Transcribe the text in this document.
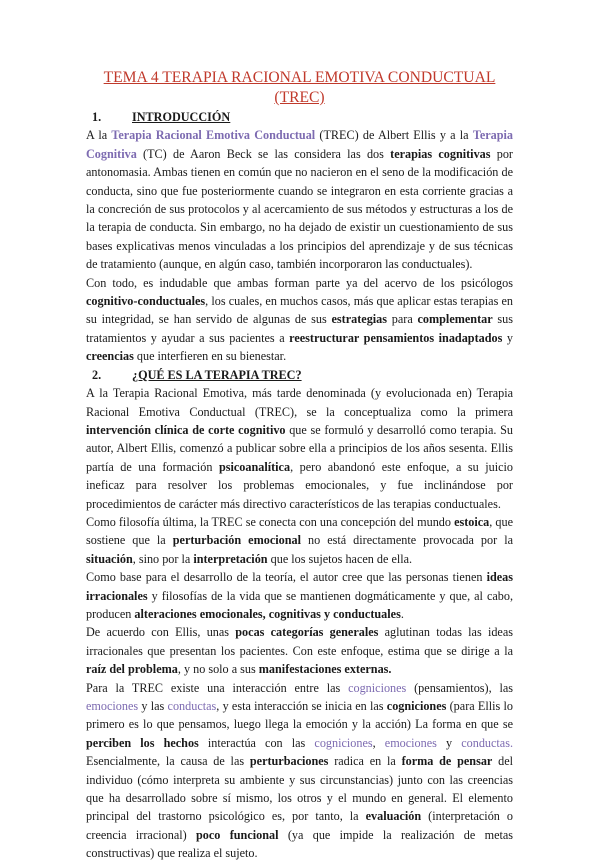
TEMA 4 TERAPIA RACIONAL EMOTIVA CONDUCTUAL (TREC)
1.	INTRODUCCIÓN

A la Terapia Racional Emotiva Conductual (TREC) de Albert Ellis y a la Terapia Cognitiva (TC) de Aaron Beck se las considera las dos terapias cognitivas por antonomasia. Ambas tienen en común que no nacieron en el seno de la modificación de conducta, sino que fue posteriormente cuando se integraron en esta corriente gracias a la concreción de sus protocolos y al acercamiento de sus métodos y estructuras a los de la terapia de conducta. Sin embargo, no ha dejado de existir un cuestionamiento de sus bases explicativas menos vinculadas a los principios del aprendizaje y de sus técnicas de tratamiento (aunque, en algún caso, también incorporaron las conductuales).

Con todo, es indudable que ambas forman parte ya del acervo de los psicólogos cognitivo-conductuales, los cuales, en muchos casos, más que aplicar estas terapias en su integridad, se han servido de algunas de sus estrategias para complementar sus tratamientos y ayudar a sus pacientes a reestructurar pensamientos inadaptados y creencias que interfieren en su bienestar.

2.	¿QUÉ ES LA TERAPIA TREC?

A la Terapia Racional Emotiva, más tarde denominada (y evolucionada en) Terapia Racional Emotiva Conductual (TREC), se la conceptualiza como la primera intervención clínica de corte cognitivo que se formuló y desarrolló como terapia. Su autor, Albert Ellis, comenzó a publicar sobre ella a principios de los años sesenta. Ellis partía de una formación psicoanalítica, pero abandonó este enfoque, a su juicio ineficaz para resolver los problemas emocionales, y fue inclinándose por procedimientos de carácter más directivo característicos de las terapias conductuales.

Como filosofía última, la TREC se conecta con una concepción del mundo estoica, que sostiene que la perturbación emocional no está directamente provocada por la situación, sino por la interpretación que los sujetos hacen de ella.

Como base para el desarrollo de la teoría, el autor cree que las personas tienen ideas irracionales y filosofías de la vida que se mantienen dogmáticamente y que, al cabo, producen alteraciones emocionales, cognitivas y conductuales.

De acuerdo con Ellis, unas pocas categorías generales aglutinan todas las ideas irracionales que presentan los pacientes. Con este enfoque, estima que se dirige a la raíz del problema, y no solo a sus manifestaciones externas.

Para la TREC existe una interacción entre las cogniciones (pensamientos), las emociones y las conductas, y esta interacción se inicia en las cogniciones (para Ellis lo primero es lo que pensamos, luego llega la emoción y la acción) La forma en que se perciben los hechos interactúa con las cogniciones, emociones y conductas. Esencialmente, la causa de las perturbaciones radica en la forma de pensar del individuo (cómo interpreta su ambiente y sus circunstancias) junto con las creencias que ha desarrollado sobre sí mismo, los otros y el mundo en general. El elemento principal del trastorno psicológico es, por tanto, la evaluación (interpretación o creencia irracional) poco funcional (ya que impide la realización de metas constructivas) que realiza el sujeto.
